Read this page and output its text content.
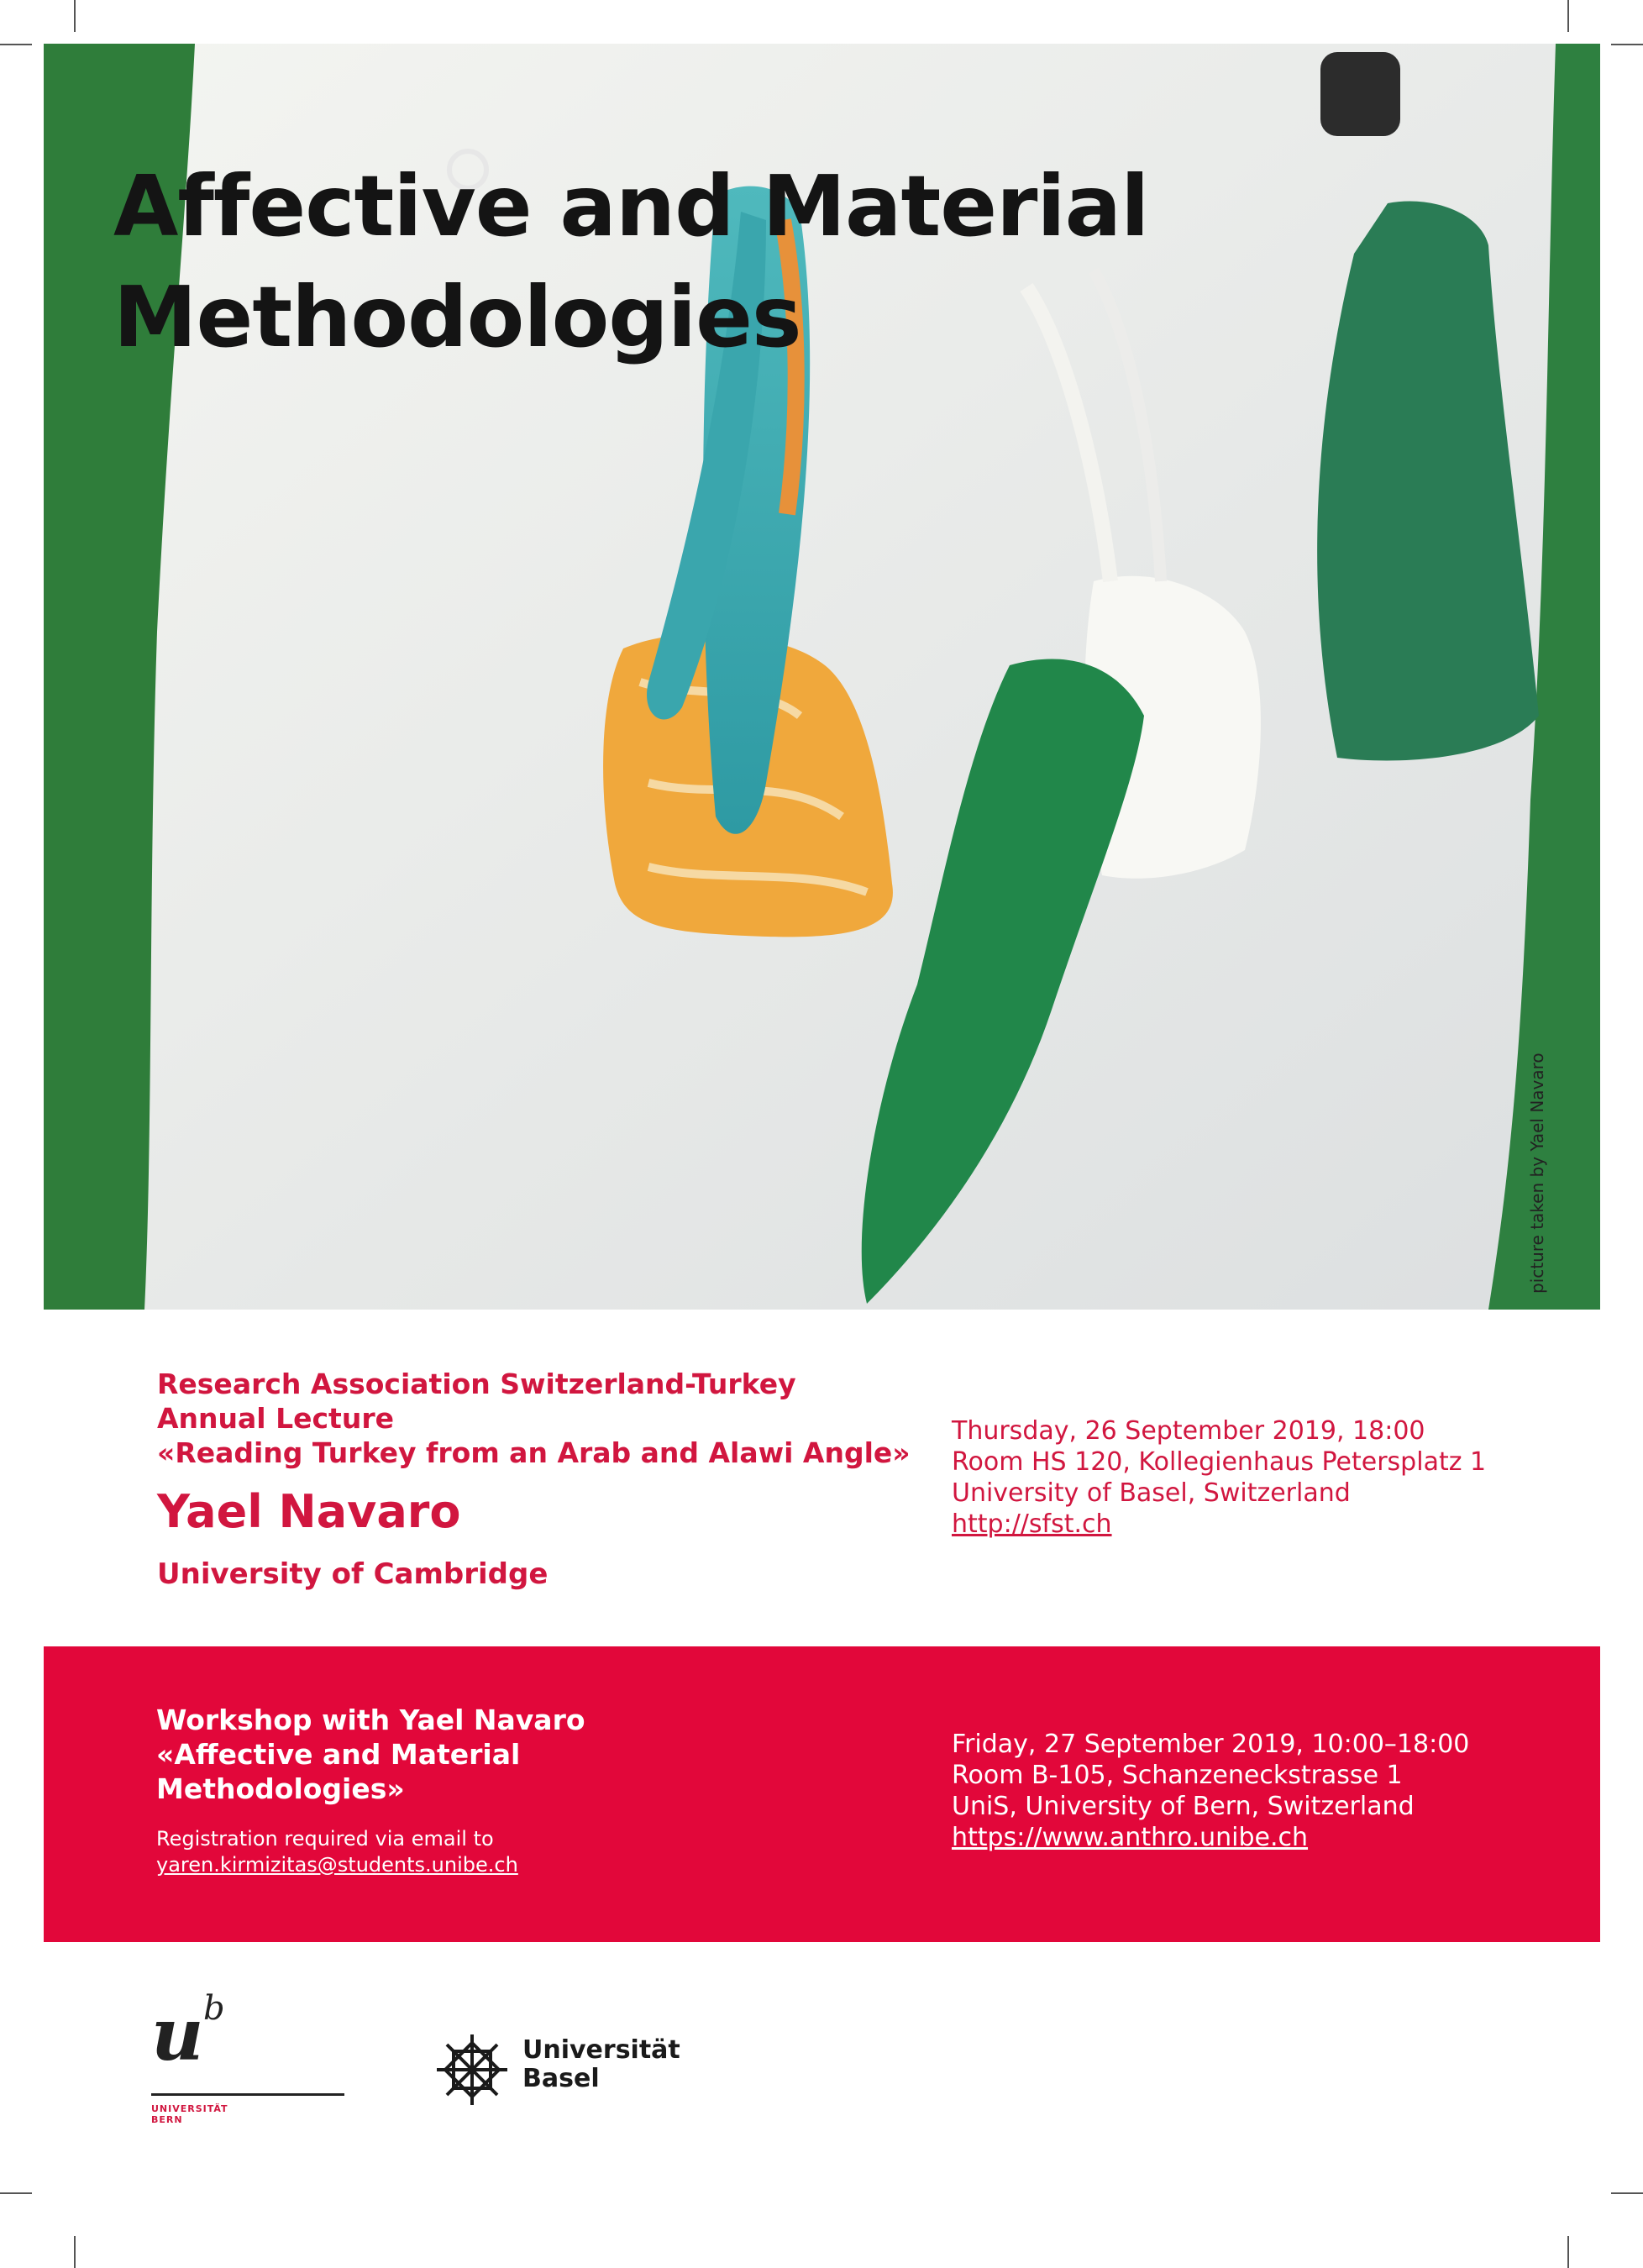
Affective and Material
Methodologies
picture taken by Yael Navaro

Research Association Switzerland-Turkey

Annual Lecture

«Reading Turkey from an Arab and Alawi Angle»

Yael Navaro

University of Cambridge

Thursday, 26 September 2019, 18:00

Room HS 120, Kollegienhaus Petersplatz 1

University of Basel, Switzerland

http://sfst.ch

Workshop with Yael Navaro

«Affective and Material

Methodologies»

Registration required via email to

yaren.kirmizitas@students.unibe.ch

Friday, 27 September 2019, 10:00–18:00

Room B-105, Schanzeneckstrasse 1

UniS, University of Bern, Switzerland

https://www.anthro.unibe.ch

u b
UNIVERSITÄT
BERN
Universität
Basel
